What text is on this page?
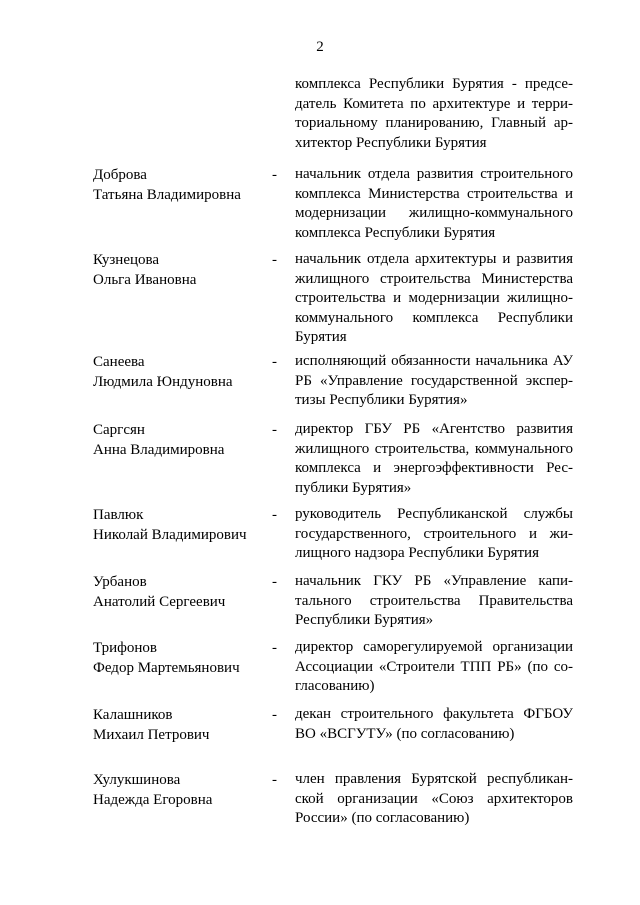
2
комплекса Республики Бурятия - предсе-
датель Комитета по архитектуре и терри-
ториальному планированию, Главный ар-
хитектор Республики Бурятия
Доброва
Татьяна Владимировна
- начальник отдела развития строительного
комплекса Министерства строительства и
модернизации жилищно-коммунального
комплекса Республики Бурятия
Кузнецова
Ольга Ивановна
- начальник отдела архитектуры и развития
жилищного строительства Министерства
строительства и модернизации жилищно-
коммунального комплекса Республики
Бурятия
Санеева
Людмила Юндуновна
- исполняющий обязанности начальника АУ
РБ «Управление государственной экспер-
тизы Республики Бурятия»
Саргсян
Анна Владимировна
- директор ГБУ РБ «Агентство развития
жилищного строительства, коммунального
комплекса и энергоэффективности Рес-
публики Бурятия»
Павлюк
Николай Владимирович
- руководитель Республиканской службы
государственного, строительного и жи-
лищного надзора Республики Бурятия
Урбанов
Анатолий Сергеевич
- начальник ГКУ РБ «Управление капи-
тального строительства Правительства
Республики Бурятия»
Трифонов
Федор Мартемьянович
- директор саморегулируемой организации
Ассоциации «Строители ТПП РБ» (по со-
гласованию)
Калашников
Михаил Петрович
- декан строительного факультета ФГБОУ
ВО «ВСГУТУ» (по согласованию)
Хулукшинова
Надежда Егоровна
- член правления Бурятской республикан-
ской организации «Союз архитекторов
России» (по согласованию)
